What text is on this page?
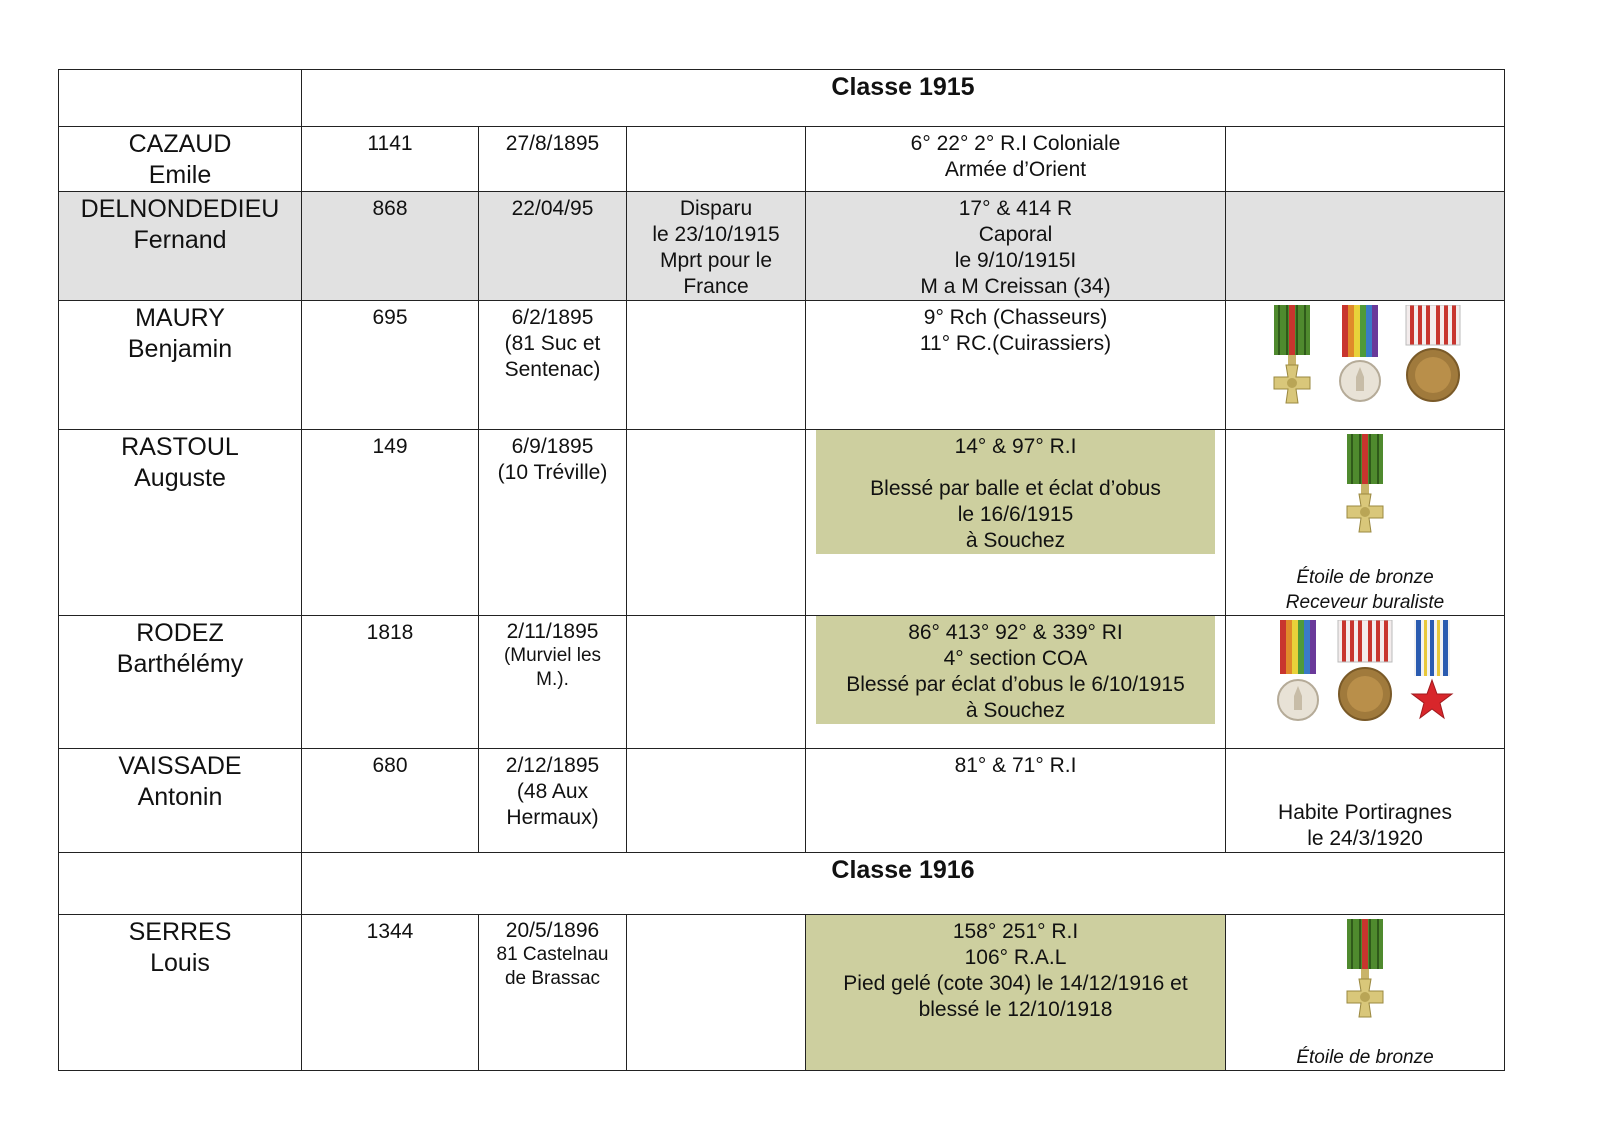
	Classe 1915				

CAZAUD
Emile	1141	27/8/1895		6° 22° 2° R.I Coloniale
Armée d’Orient	

DELNONDEDIEU
Fernand	868	22/04/95	Disparu
le 23/10/1915
Mprt pour le
France	17° & 414 R
Caporal
le 9/10/1915I
M a M Creissan (34)	

MAURY
Benjamin	695	6/2/1895
(81 Suc et
Sentenac)		9° Rch (Chasseurs)
11° RC.(Cuirassiers)

RASTOUL
Auguste	149	6/9/1895
(10 Tréville)		14° & 97° R.I
Blessé par balle et éclat d’obus
le 16/6/1915
à Souchez	Étoile de bronze
Receveur buraliste

RODEZ
Barthélémy	1818	2/11/1895
(Murviel les
M.).		86° 413° 92° & 339° RI
4° section COA
Blessé par éclat d’obus le 6/10/1915
à Souchez

VAISSADE
Antonin	680	2/12/1895
(48 Aux
Hermaux)		81° & 71° R.I	Habite Portiragnes
le 24/3/1920

	Classe 1916				

SERRES
Louis	1344	20/5/1896
81 Castelnau
de Brassac		158° 251° R.I
106° R.A.L
Pied gelé (cote 304) le 14/12/1916 et
blessé le 12/10/1918	Étoile de bronze
